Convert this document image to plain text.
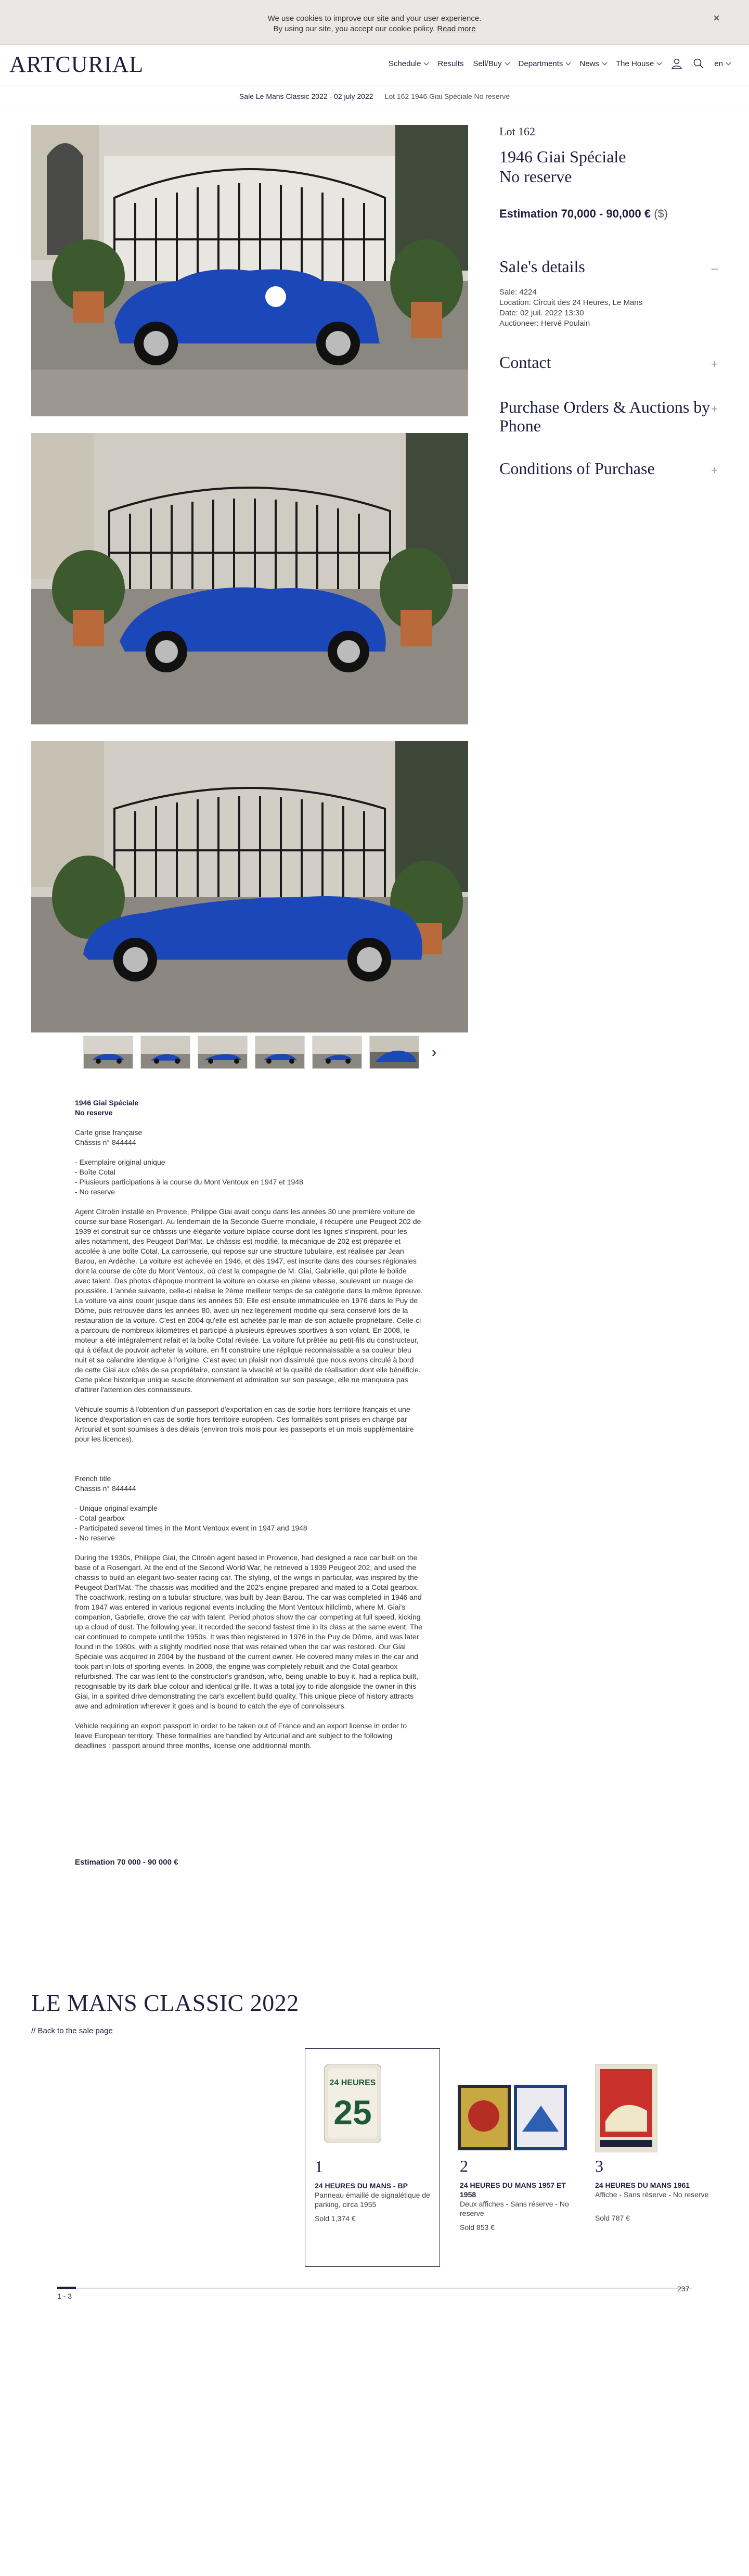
We use cookies to improve our site and your user experience.
By using our site, you accept our cookie policy. Read more
×
ARTCURIAL	Schedule Results Sell/Buy Departments News The House	en
Sale Le Mans Classic 2022 - 02 july 2022 Lot 162 1946 Giai Spéciale No reserve
›
Lot 162
1946 Giai Spéciale
No reserve
Estimation 70,000 - 90,000 € ($)
Sale's details	–
Sale: 4224
Location: Circuit des 24 Heures, Le Mans
Date: 02 juil. 2022 13:30
Auctioneer: Hervé Poulain
Contact	+
Purchase Orders & Auctions by Phone
+
Conditions of Purchase	+

1946 Giai Spéciale

No reserve

Carte grise française

Châssis n° 844444

- Exemplaire original unique

- Boîte Cotal

- Plusieurs participations à la course du Mont Ventoux en 1947 et 1948

- No reserve

Agent Citroën installé en Provence, Philippe Giai avait conçu dans les années 30 une première voiture de course sur base Rosengart. Au lendemain de la Seconde Guerre mondiale, il récupère une Peugeot 202 de 1939 et construit sur ce châssis une élégante voiture biplace course dont les lignes s'inspirent, pour les ailes notamment, des Peugeot Darl'Mat. Le châssis est modifié, la mécanique de 202 est préparée et accolée à une boîte Cotal. La carrosserie, qui repose sur une structure tubulaire, est réalisée par Jean Barou, en Ardèche. La voiture est achevée en 1946, et dès 1947, est inscrite dans des courses régionales dont la course de côte du Mont Ventoux, où c'est la compagne de M. Giai, Gabrielle, qui pilote le bolide avec talent. Des photos d'époque montrent la voiture en course en pleine vitesse, soulevant un nuage de poussière. L'année suivante, celle-ci réalise le 2ème meilleur temps de sa catégorie dans la même épreuve. La voiture va ainsi courir jusque dans les années 50. Elle est ensuite immatriculée en 1976 dans le Puy de Dôme, puis retrouvée dans les années 80, avec un nez légèrement modifié qui sera conservé lors de la restauration de la voiture. C'est en 2004 qu'elle est achetée par le mari de son actuelle propriétaire. Celle-ci a parcouru de nombreux kilomètres et participé à plusieurs épreuves sportives à son volant. En 2008, le moteur a été intégralement refait et la boîte Cotal révisée. La voiture fut prêtée au petit-fils du constructeur, qui à défaut de pouvoir acheter la voiture, en fit construire une réplique reconnaissable a sa couleur bleu nuit et sa calandre identique à l'origine. C'est avec un plaisir non dissimulé que nous avons circulé à bord de cette Giai aux côtés de sa propriétaire, constant la vivacité et la qualité de réalisation dont elle bénéficie. Cette pièce historique unique suscite étonnement et admiration sur son passage, elle ne manquera pas d'attirer l'attention des connaisseurs.

Véhicule soumis à l'obtention d'un passeport d'exportation en cas de sortie hors territoire français et une licence d'exportation en cas de sortie hors territoire européen. Ces formalités sont prises en charge par Artcurial et sont soumises à des délais (environ trois mois pour les passeports et un mois supplémentaire pour les licences).

French title

Chassis n° 844444

- Unique original example

- Cotal gearbox

- Participated several times in the Mont Ventoux event in 1947 and 1948

- No reserve

During the 1930s, Philippe Giai, the Citroën agent based in Provence, had designed a race car built on the base of a Rosengart. At the end of the Second World War, he retrieved a 1939 Peugeot 202, and used the chassis to build an elegant two-seater racing car. The styling, of the wings in particular, was inspired by the Peugeot Darl'Mat. The chassis was modified and the 202's engine prepared and mated to a Cotal gearbox. The coachwork, resting on a tubular structure, was built by Jean Barou. The car was completed in 1946 and from 1947 was entered in various regional events including the Mont Ventoux hillclimb, where M. Giai's companion, Gabrielle, drove the car with talent. Period photos show the car competing at full speed, kicking up a cloud of dust. The following year, it recorded the second fastest time in its class at the same event. The car continued to compete until the 1950s. It was then registered in 1976 in the Puy de Dôme, and was later found in the 1980s, with a slightly modified nose that was retained when the car was restored. Our Giai Spéciale was acquired in 2004 by the husband of the current owner. He covered many miles in the car and took part in lots of sporting events. In 2008, the engine was completely rebuilt and the Cotal gearbox refurbished. The car was lent to the constructor's grandson, who, being unable to buy it, had a replica built, recognisable by its dark blue colour and identical grille. It was a total joy to ride alongside the owner in this Giai, in a spirited drive demonstrating the car's excellent build quality. This unique piece of history attracts awe and admiration wherever it goes and is bound to catch the eye of connoisseurs.

Vehicle requiring an export passport in order to be taken out of France and an export license in order to leave European territory. These formalities are handled by Artcurial and are subject to the following deadlines : passport around three months, license one additionnal month.

Estimation 70 000 - 90 000 €
LE MANS CLASSIC 2022
// Back to the sale page
24 HEURES
25
1
24 HEURES DU MANS - BP
Panneau émaillé de signalétique de parking, circa 1955
Sold 1,374 €
2
24 HEURES DU MANS 1957 ET 1958
Deux affiches - Sans réserve - No reserve
Sold 853 €
3
24 HEURES DU MANS 1961
Affiche - Sans réserve - No reserve
Sold 787 €
1 - 3
237
